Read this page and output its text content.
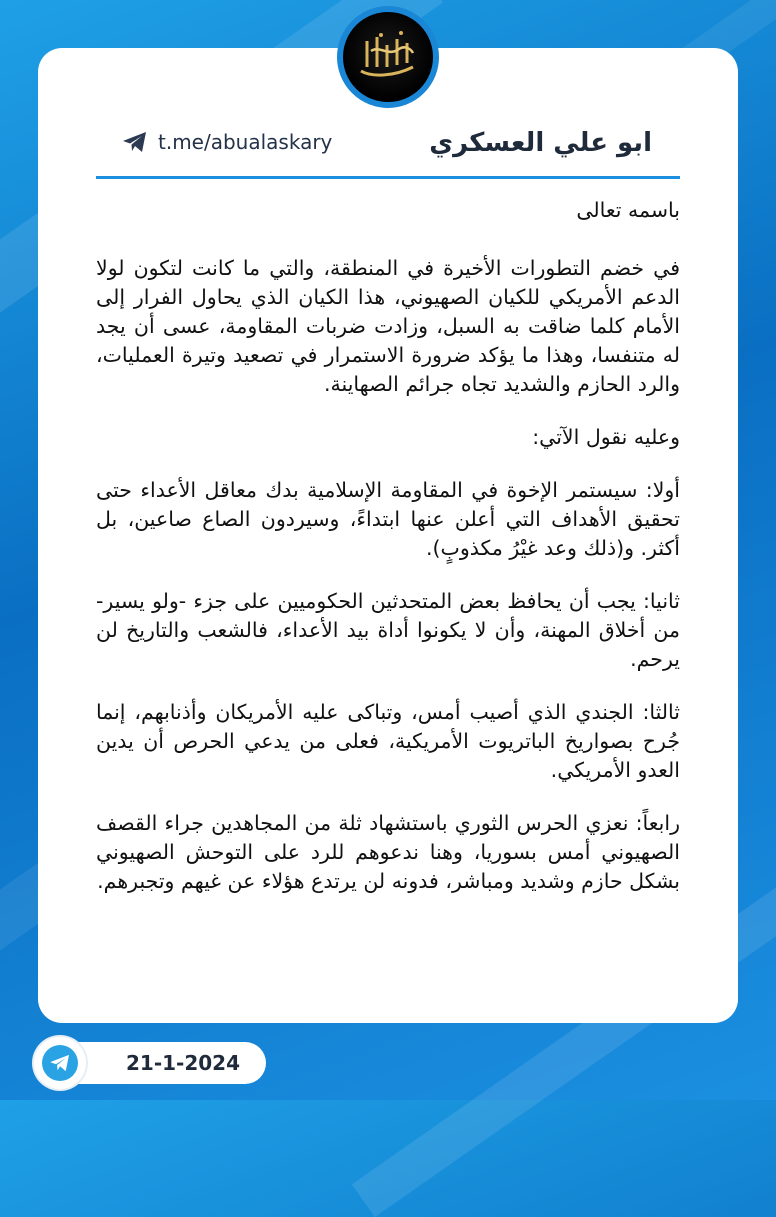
ابو علي العسكري
t.me/abualaskary

باسمه تعالى

في خضم التطورات الأخيرة في المنطقة، والتي ما كانت لتكون لولا الدعم الأمريكي للكيان الصهيوني، هذا الكيان الذي يحاول الفرار إلى الأمام كلما ضاقت به السبل، وزادت ضربات المقاومة، عسى أن يجد له متنفسا، وهذا ما يؤكد ضرورة الاستمرار في تصعيد وتيرة العمليات، والرد الحازم والشديد تجاه جرائم الصهاينة.

وعليه نقول الآتي:

أولا: سيستمر الإخوة في المقاومة الإسلامية بدك معاقل الأعداء حتى تحقيق الأهداف التي أعلن عنها ابتداءً، وسيردون الصاع صاعين، بل أكثر. و(ذلك وعد غيْرُ مكذوبٍ).

ثانيا: يجب أن يحافظ بعض المتحدثين الحكوميين على جزء -ولو يسير- من أخلاق المهنة، وأن لا يكونوا أداة بيد الأعداء، فالشعب والتاريخ لن يرحم.

ثالثا: الجندي الذي أصيب أمس، وتباكى عليه الأمريكان وأذنابهم، إنما جُرح بصواريخ الباتريوت الأمريكية، فعلى من يدعي الحرص أن يدين العدو الأمريكي.

رابعاً: نعزي الحرس الثوري باستشهاد ثلة من المجاهدين جراء القصف الصهيوني أمس بسوريا، وهنا ندعوهم للرد على التوحش الصهيوني بشكل حازم وشديد ومباشر، فدونه لن يرتدع هؤلاء عن غيهم وتجبرهم.

21-1-2024
